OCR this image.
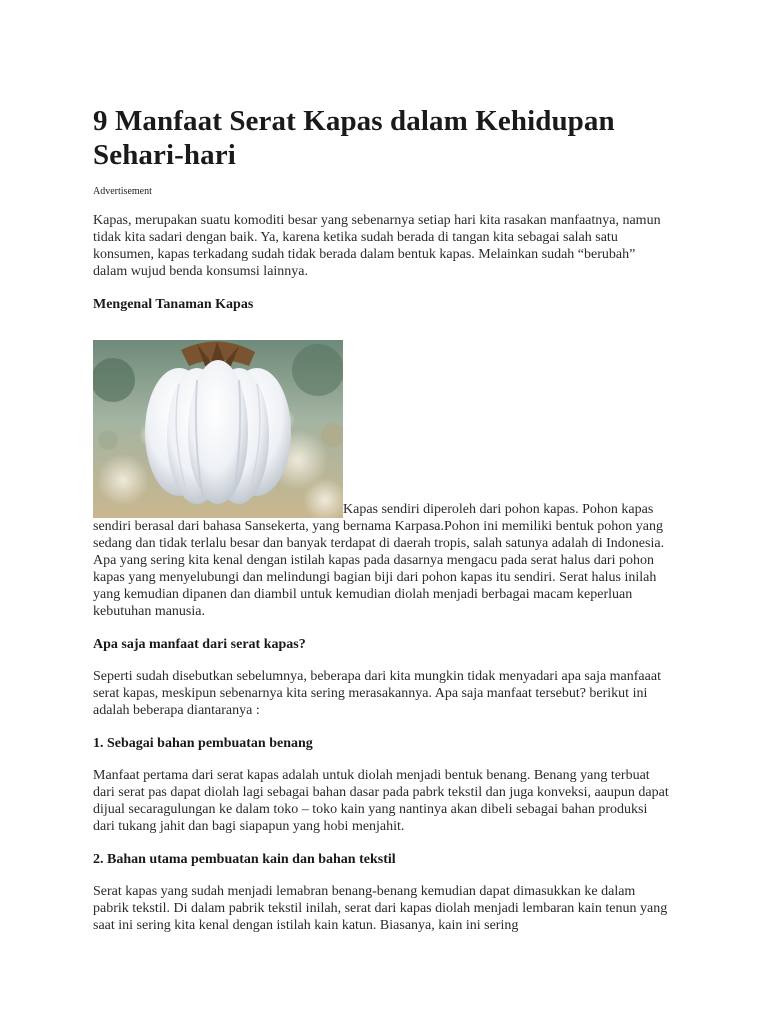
9 Manfaat Serat Kapas dalam Kehidupan Sehari-hari
Advertisement

Kapas, merupakan suatu komoditi besar yang sebenarnya setiap hari kita rasakan manfaatnya, namun tidak kita sadari dengan baik. Ya, karena ketika sudah berada di tangan kita sebagai salah satu konsumen, kapas terkadang sudah tidak berada dalam bentuk kapas. Melainkan sudah “berubah” dalam wujud benda konsumsi lainnya.

Mengenal Tanaman Kapas
Kapas sendiri diperoleh dari pohon kapas. Pohon kapas sendiri berasal dari bahasa Sansekerta, yang bernama Karpasa.Pohon ini memiliki bentuk pohon yang sedang dan tidak terlalu besar dan banyak terdapat di daerah tropis, salah satunya adalah di Indonesia. Apa yang sering kita kenal dengan istilah kapas pada dasarnya mengacu pada serat halus dari pohon kapas yang menyelubungi dan melindungi bagian biji dari pohon kapas itu sendiri. Serat halus inilah yang kemudian dipanen dan diambil untuk kemudian diolah menjadi berbagai macam keperluan kebutuhan manusia.
Apa saja manfaat dari serat kapas?

Seperti sudah disebutkan sebelumnya, beberapa dari kita mungkin tidak menyadari apa saja manfaaat serat kapas, meskipun sebenarnya kita sering merasakannya. Apa saja manfaat tersebut? berikut ini adalah beberapa diantaranya :

1. Sebagai bahan pembuatan benang

Manfaat pertama dari serat kapas adalah untuk diolah menjadi bentuk benang. Benang yang terbuat dari serat pas dapat diolah lagi sebagai bahan dasar pada pabrk tekstil dan juga konveksi, aaupun dapat dijual secaragulungan ke dalam toko – toko kain yang nantinya akan dibeli sebagai bahan produksi dari tukang jahit dan bagi siapapun yang hobi menjahit.

2. Bahan utama pembuatan kain dan bahan tekstil

Serat kapas yang sudah menjadi lemabran benang-benang kemudian dapat dimasukkan ke dalam pabrik tekstil. Di dalam pabrik tekstil inilah, serat dari kapas diolah menjadi lembaran kain tenun yang saat ini sering kita kenal dengan istilah kain katun. Biasanya, kain ini sering
